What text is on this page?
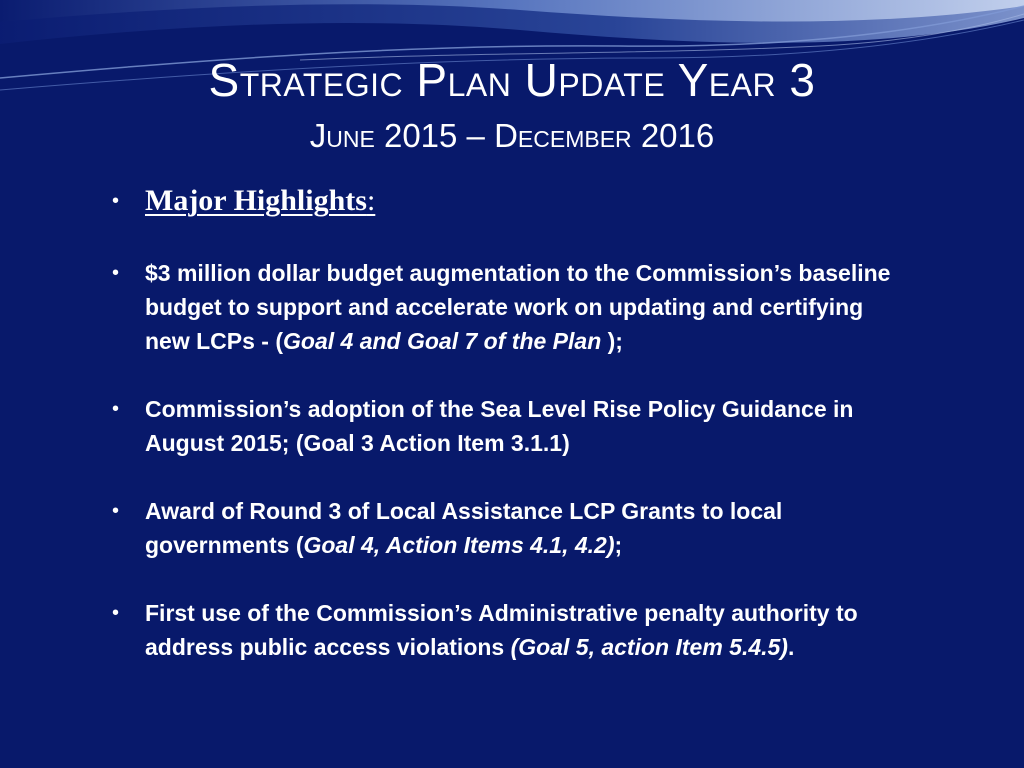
Strategic Plan Update Year 3
June 2015 – December 2016
• Major Highlights :
•	$3 million dollar budget augmentation to the Commission’s baseline budget to support and accelerate work on updating and certifying new LCPs - (Goal 4 and Goal 7 of the Plan );
•	Commission’s adoption of the Sea Level Rise Policy Guidance in August 2015; (Goal 3 Action Item 3.1.1)
•	Award of Round 3 of Local Assistance LCP Grants to local governments (Goal 4, Action Items 4.1, 4.2);
•	First use of the Commission’s Administrative penalty authority to address public access violations (Goal 5, action Item 5.4.5).
